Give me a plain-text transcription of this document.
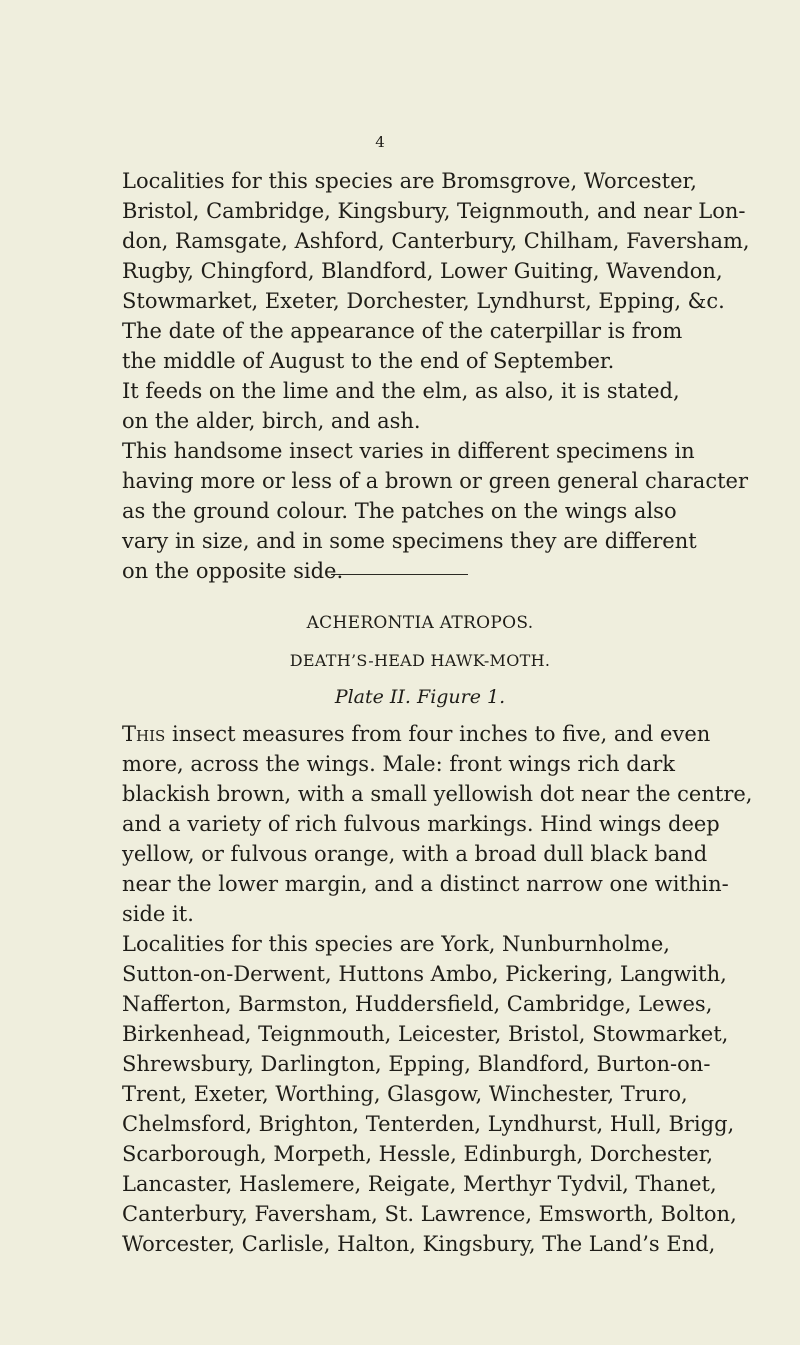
4
Localities for this species are Bromsgrove, Worcester,
Bristol, Cambridge, Kingsbury, Teignmouth, and near Lon-
don, Ramsgate, Ashford, Canterbury, Chilham, Faversham,
Rugby, Chingford, Blandford, Lower Guiting, Wavendon,
Stowmarket, Exeter, Dorchester, Lyndhurst, Epping, &c.
The date of the appearance of the caterpillar is from
the middle of August to the end of September.
It feeds on the lime and the elm, as also, it is stated,
on the alder, birch, and ash.
This handsome insect varies in different specimens in
having more or less of a brown or green general character
as the ground colour. The patches on the wings also
vary in size, and in some specimens they are different
on the opposite side.
ACHERONTIA ATROPOS.
DEATH’S-HEAD HAWK-MOTH.
Plate II. Figure 1.
This insect measures from four inches to five, and even
more, across the wings. Male: front wings rich dark
blackish brown, with a small yellowish dot near the centre,
and a variety of rich fulvous markings. Hind wings deep
yellow, or fulvous orange, with a broad dull black band
near the lower margin, and a distinct narrow one within-
side it.
Localities for this species are York, Nunburnholme,
Sutton-on-Derwent, Huttons Ambo, Pickering, Langwith,
Nafferton, Barmston, Huddersfield, Cambridge, Lewes,
Birkenhead, Teignmouth, Leicester, Bristol, Stowmarket,
Shrewsbury, Darlington, Epping, Blandford, Burton-on-
Trent, Exeter, Worthing, Glasgow, Winchester, Truro,
Chelmsford, Brighton, Tenterden, Lyndhurst, Hull, Brigg,
Scarborough, Morpeth, Hessle, Edinburgh, Dorchester,
Lancaster, Haslemere, Reigate, Merthyr Tydvil, Thanet,
Canterbury, Faversham, St. Lawrence, Emsworth, Bolton,
Worcester, Carlisle, Halton, Kingsbury, The Land’s End,
